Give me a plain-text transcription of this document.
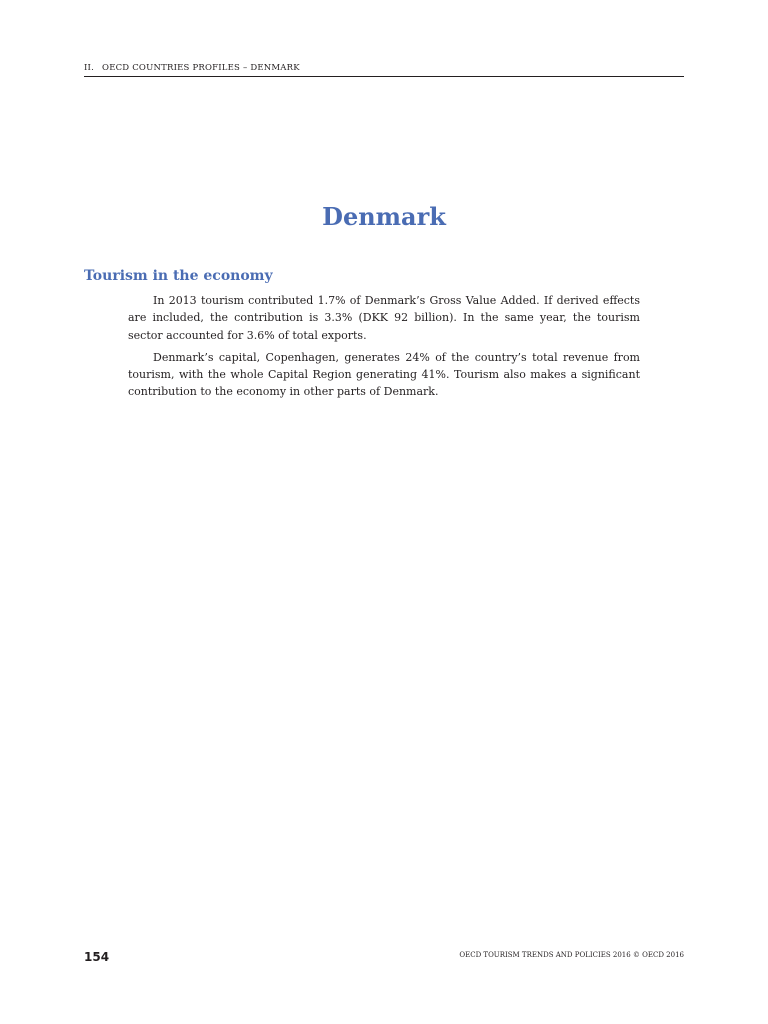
II. OECD COUNTRIES PROFILES – DENMARK
Denmark
Tourism in the economy

In 2013 tourism contributed 1.7% of Denmark’s Gross Value Added. If derived effects are included, the contribution is 3.3% (DKK 92 billion). In the same year, the tourism sector accounted for 3.6% of total exports.

Denmark’s capital, Copenhagen, generates 24% of the country’s total revenue from tourism, with the whole Capital Region generating 41%. Tourism also makes a significant contribution to the economy in other parts of Denmark.

154	OECD TOURISM TRENDS AND POLICIES 2016 © OECD 2016
